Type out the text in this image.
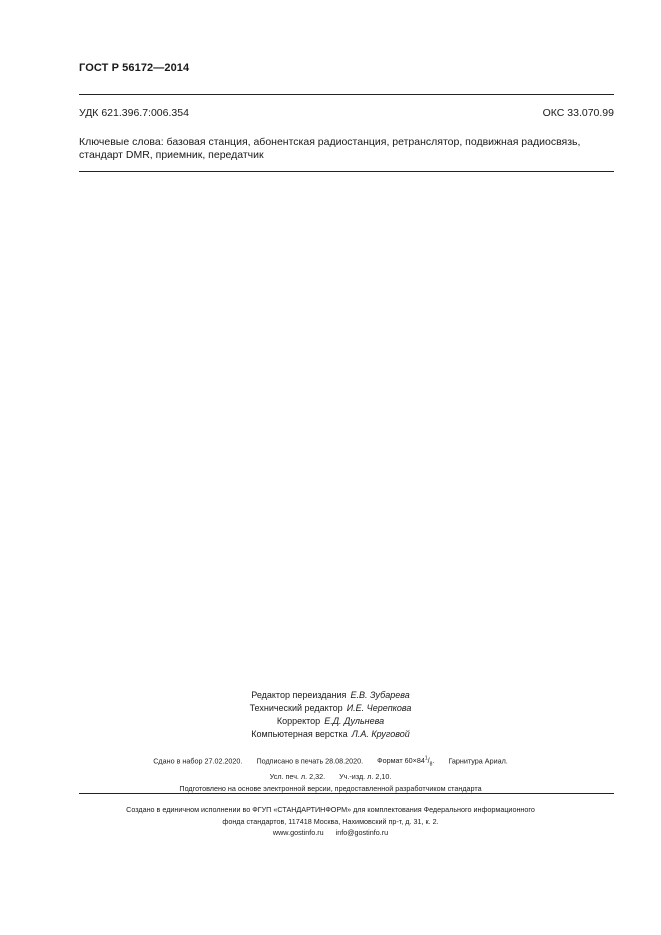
ГОСТ Р 56172—2014
УДК 621.396.7:006.354	ОКС 33.070.99
Ключевые слова: базовая станция, абонентская радиостанция, ретранслятор, подвижная радиосвязь,
стандарт DMR, приемник, передатчик
Редактор переиздания Е.В. Зубарева
Технический редактор И.Е. Черепкова
Корректор Е.Д. Дульнева
Компьютерная верстка Л.А. Круговой
Сдано в набор 27.02.2020. Подписано в печать 28.08.2020. Формат $60\times 84^1/_8$. Гарнитура Ариал.
Усл. печ. л. 2,32. Уч.-изд. л. 2,10.
Подготовлено на основе электронной версии, предоставленной разработчиком стандарта
Создано в единичном исполнении во ФГУП «СТАНДАРТИНФОРМ» для комплектования Федерального информационного
фонда стандартов, 117418 Москва, Нахимовский пр-т, д. 31, к. 2.
www.gostinfo.ru info@gostinfo.ru
